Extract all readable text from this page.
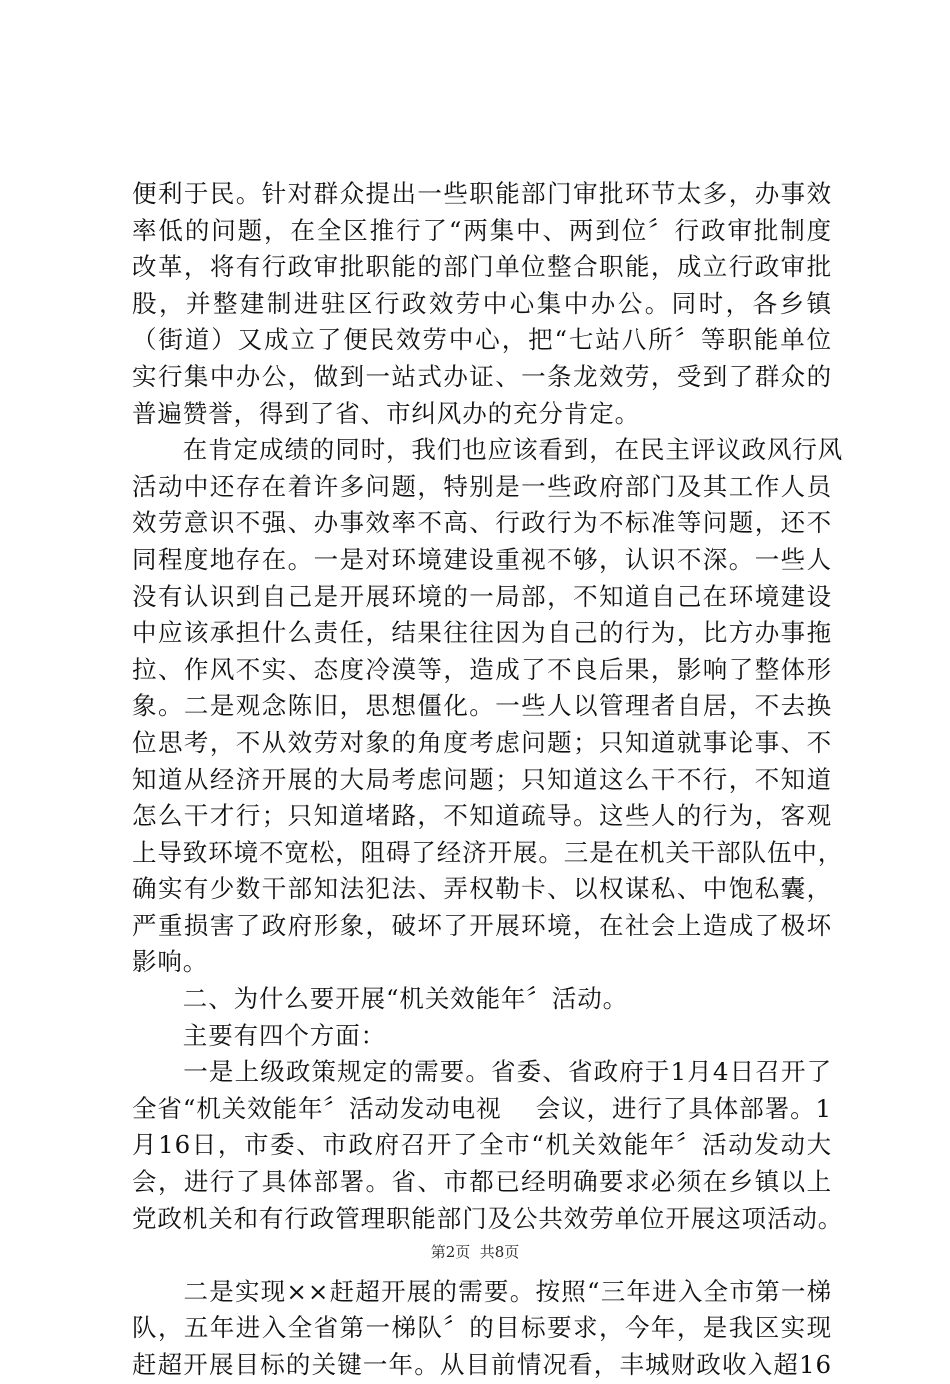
便利于民。针对群众提出一些职能部门审批环节太多，办事效
率低的问题，在全区推行了“两集中、两到位〞行政审批制度
改革，将有行政审批职能的部门单位整合职能，成立行政审批
股，并整建制进驻区行政效劳中心集中办公。同时，各乡镇
（街道）又成立了便民效劳中心，把“七站八所〞等职能单位
实行集中办公，做到一站式办证、一条龙效劳，受到了群众的
普遍赞誉，得到了省、市纠风办的充分肯定。
　　在肯定成绩的同时，我们也应该看到，在民主评议政风行风
活动中还存在着许多问题，特别是一些政府部门及其工作人员
效劳意识不强、办事效率不高、行政行为不标准等问题，还不
同程度地存在。一是对环境建设重视不够，认识不深。一些人
没有认识到自己是开展环境的一局部，不知道自己在环境建设
中应该承担什么责任，结果往往因为自己的行为，比方办事拖
拉、作风不实、态度冷漠等，造成了不良后果，影响了整体形
象。二是观念陈旧，思想僵化。一些人以管理者自居，不去换
位思考，不从效劳对象的角度考虑问题；只知道就事论事、不
知道从经济开展的大局考虑问题；只知道这么干不行，不知道
怎么干才行；只知道堵路，不知道疏导。这些人的行为，客观
上导致环境不宽松，阻碍了经济开展。三是在机关干部队伍中，
确实有少数干部知法犯法、弄权勒卡、以权谋私、中饱私囊，
严重损害了政府形象，破坏了开展环境，在社会上造成了极坏
影响。
　　二、为什么要开展“机关效能年〞活动。
　　主要有四个方面：
　　一是上级政策规定的需要。省委、省政府于1月4日召开了
全省“机关效能年〞活动发动电视　 会议，进行了具体部署。1
月16日，市委、市政府召开了全市“机关效能年〞活动发动大
会，进行了具体部署。省、市都已经明确要求必须在乡镇以上
党政机关和有行政管理职能部门及公共效劳单位开展这项活动。
　　二是实现××赶超开展的需要。按照“三年进入全市第一梯
队，五年进入全省第一梯队〞的目标要求，今年，是我区实现
赶超开展目标的关键一年。从目前情况看，丰城财政收入超16
第2页  共8页
